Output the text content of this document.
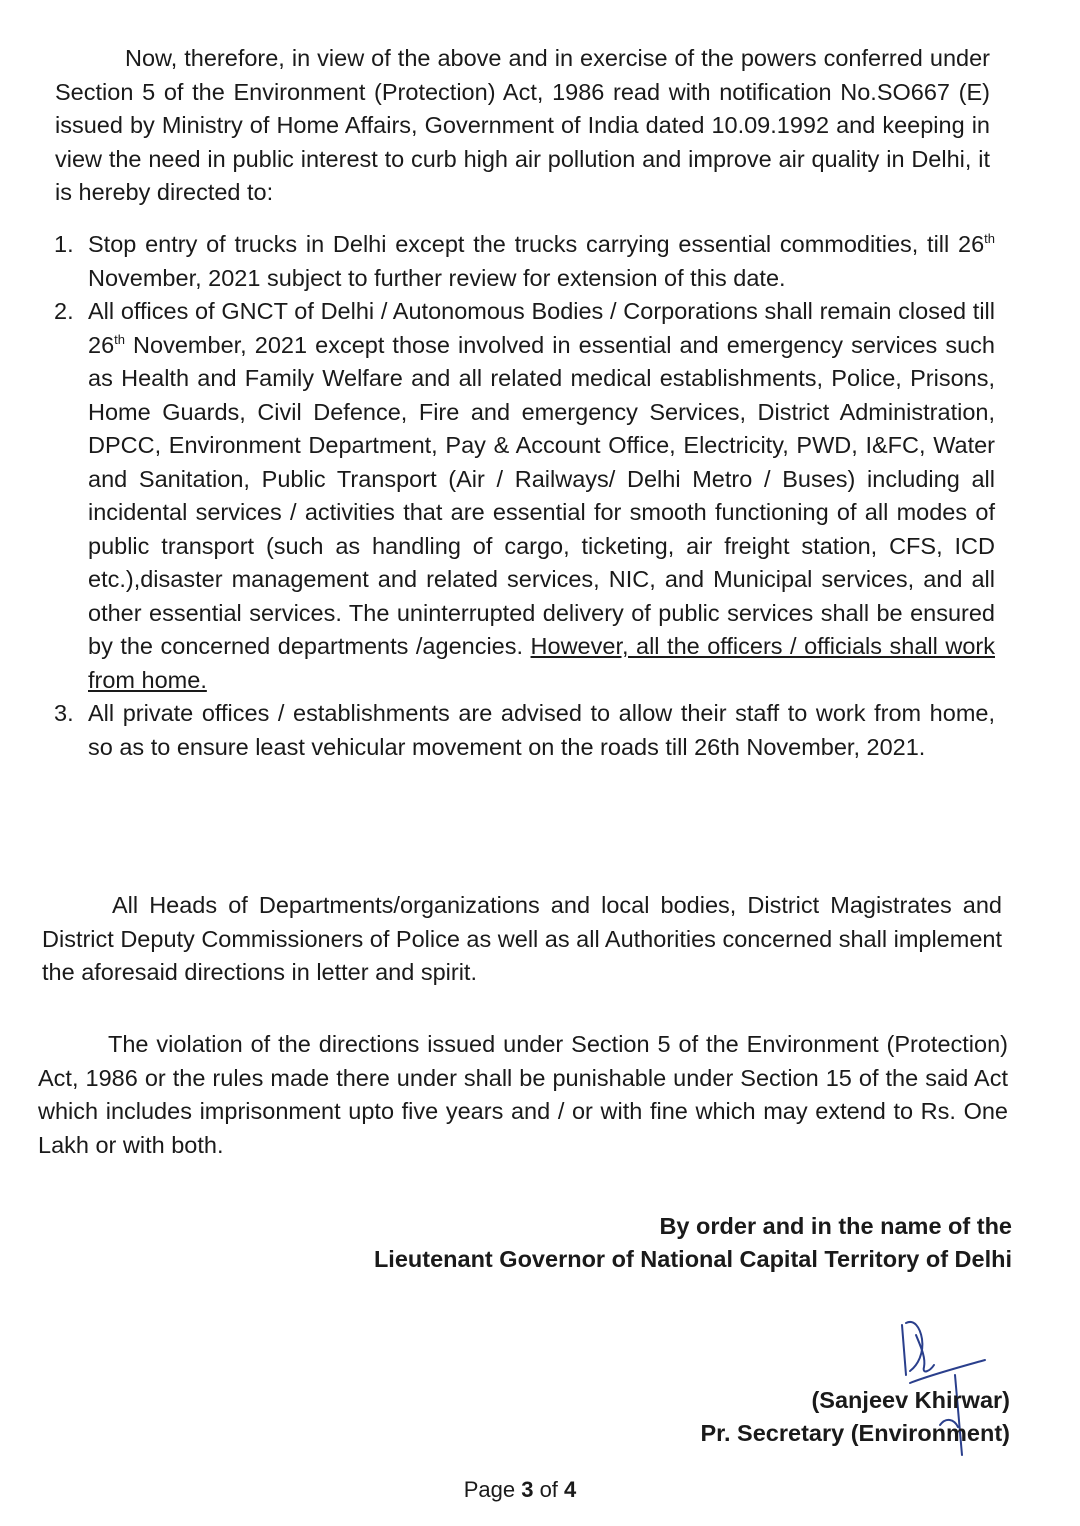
Now, therefore, in view of the above and in exercise of the powers conferred under Section 5 of the Environment (Protection) Act, 1986 read with notification No.SO667 (E) issued by Ministry of Home Affairs, Government of India dated 10.09.1992 and keeping in view the need in public interest to curb high air pollution and improve air quality in Delhi, it is hereby directed to:

1. Stop entry of trucks in Delhi except the trucks carrying essential commodities, till 26th November, 2021 subject to further review for extension of this date.
2. All offices of GNCT of Delhi / Autonomous Bodies / Corporations shall remain closed till 26th November, 2021 except those involved in essential and emergency services such as Health and Family Welfare and all related medical establishments, Police, Prisons, Home Guards, Civil Defence, Fire and emergency Services, District Administration, DPCC, Environment Department, Pay & Account Office, Electricity, PWD, I&FC, Water and Sanitation, Public Transport (Air / Railways/ Delhi Metro / Buses) including all incidental services / activities that are essential for smooth functioning of all modes of public transport (such as handling of cargo, ticketing, air freight station, CFS, ICD etc.),disaster management and related services, NIC, and Municipal services, and all other essential services. The uninterrupted delivery of public services shall be ensured by the concerned departments /agencies. However, all the officers / officials shall work from home.
3. All private offices / establishments are advised to allow their staff to work from home, so as to ensure least vehicular movement on the roads till 26th November, 2021.

All Heads of Departments/organizations and local bodies, District Magistrates and District Deputy Commissioners of Police as well as all Authorities concerned shall implement the aforesaid directions in letter and spirit.

The violation of the directions issued under Section 5 of the Environment (Protection) Act, 1986 or the rules made there under shall be punishable under Section 15 of the said Act which includes imprisonment upto five years and / or with fine which may extend to Rs. One Lakh or with both.

By order and in the name of the
Lieutenant Governor of National Capital Territory of Delhi
(Sanjeev Khirwar)
Pr. Secretary (Environment)
Page 3 of 4
